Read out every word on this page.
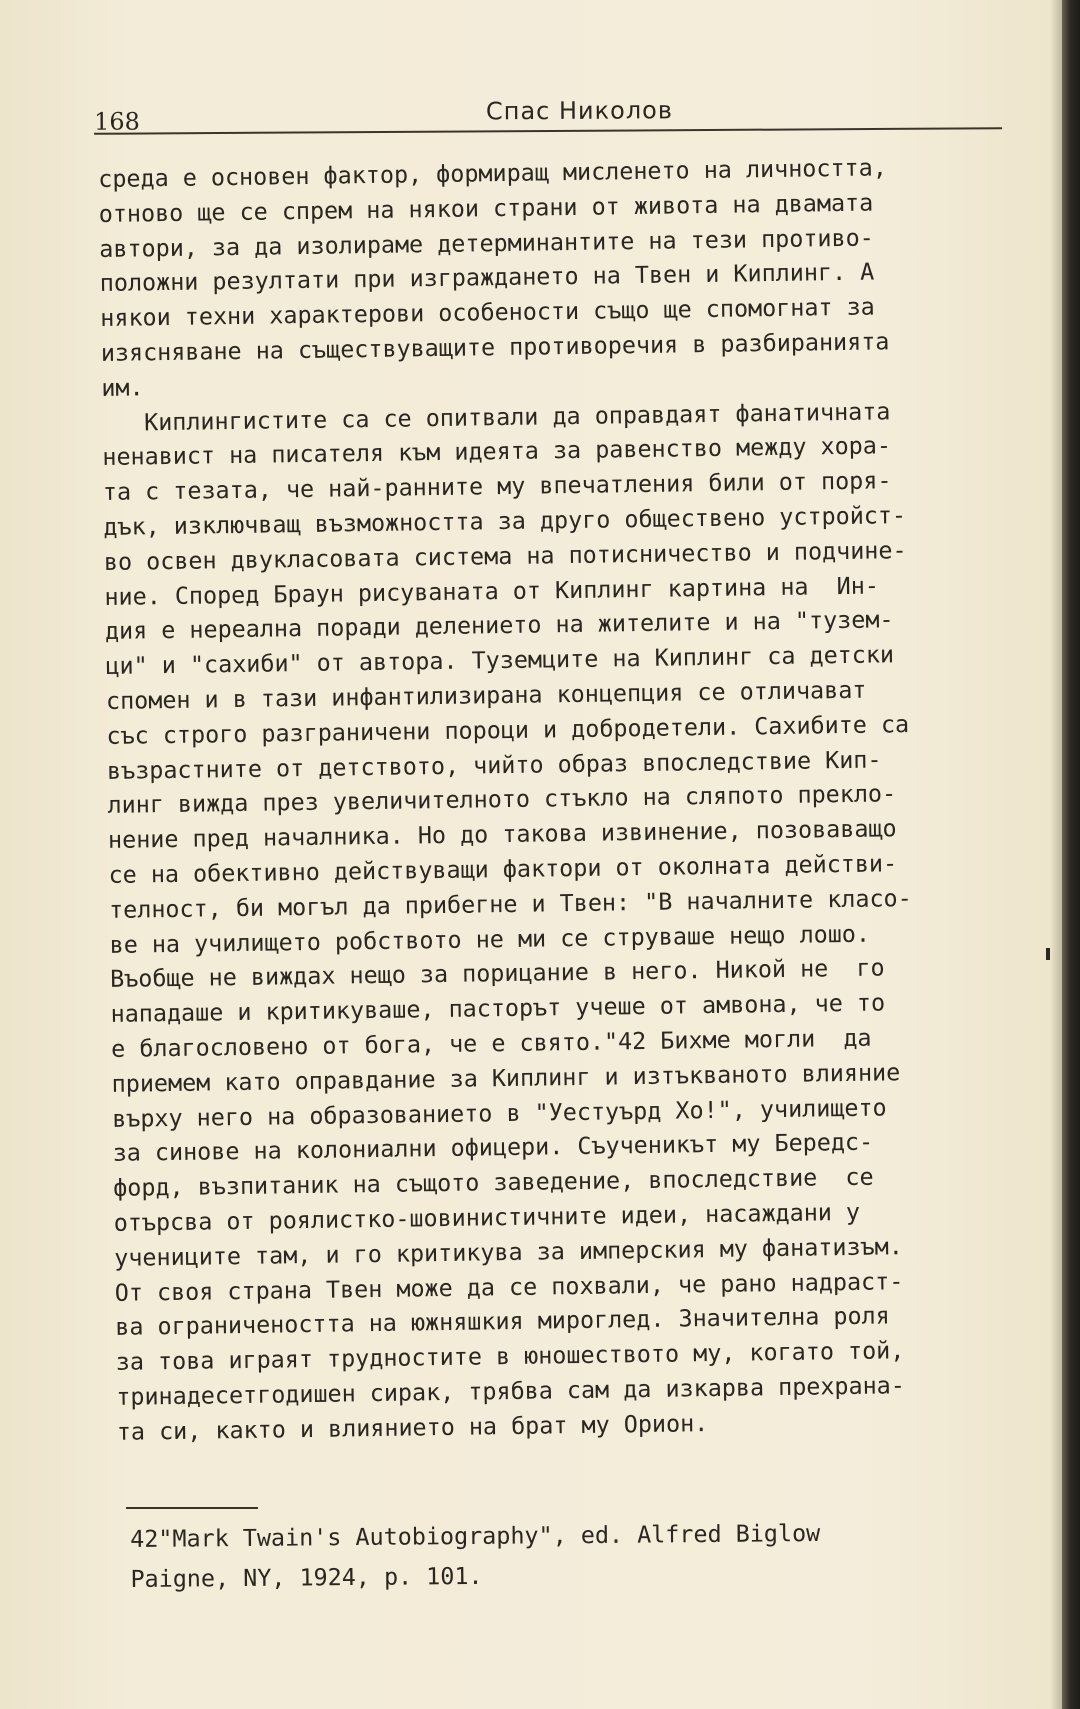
168	Спас Николов
среда е основен фактор, формиращ мисленето на личността,
отново ще се спрем на някои страни от живота на двамата
автори, за да изолираме детерминантите на тези противо-
положни резултати при изграждането на Твен и Киплинг. А
някои техни характерови особености също ще спомогнат за
изясняване на съществуващите противоречия в разбиранията
им.
Киплингистите са се опитвали да оправдаят фанатичната
ненавист на писателя към идеята за равенство между хора-
та с тезата, че най-ранните му впечатления били от поря-
дък, изключващ възможността за друго обществено устройст-
во освен двукласовата система на потисничество и подчине-
ние. Според Браун рисуваната от Киплинг картина на  Ин-
дия е нереална поради делението на жителите и на "тузем-
ци" и "сахиби" от автора. Туземците на Киплинг са детски
спомен и в тази инфантилизирана концепция се отличават
със строго разграничени пороци и добродетели. Сахибите са
възрастните от детството, чийто образ впоследствие Кип-
линг вижда през увеличителното стъкло на сляпото прекло-
нение пред началника. Но до такова извинение, позоваващо
се на обективно действуващи фактори от околната действи-
телност, би могъл да прибегне и Твен: "В началните класо-
ве на училището робството не ми се струваше нещо лошо.
Въобще не виждах нещо за порицание в него. Никой не  го
нападаше и критикуваше, пасторът учеше от амвона, че то
е благословено от бога, че е свято."42 Бихме могли  да
приемем като оправдание за Киплинг и изтъкваното влияние
върху него на образованието в "Уестуърд Хо!", училището
за синове на колониални офицери. Съученикът му Бередс-
форд, възпитаник на същото заведение, впоследствие  се
отърсва от роялистко-шовинистичните идеи, насаждани у
учениците там, и го критикува за имперския му фанатизъм.
От своя страна Твен може да се похвали, че рано надраст-
ва ограничеността на южняшкия мироглед. Значителна роля
за това играят трудностите в юношеството му, когато той,
тринадесетгодишен сирак, трябва сам да изкарва прехрана-
та си, както и влиянието на брат му Орион.
42"Mark Twain's Autobiography", ed. Alfred Biglow
Paigne, NY, 1924, p. 101.
